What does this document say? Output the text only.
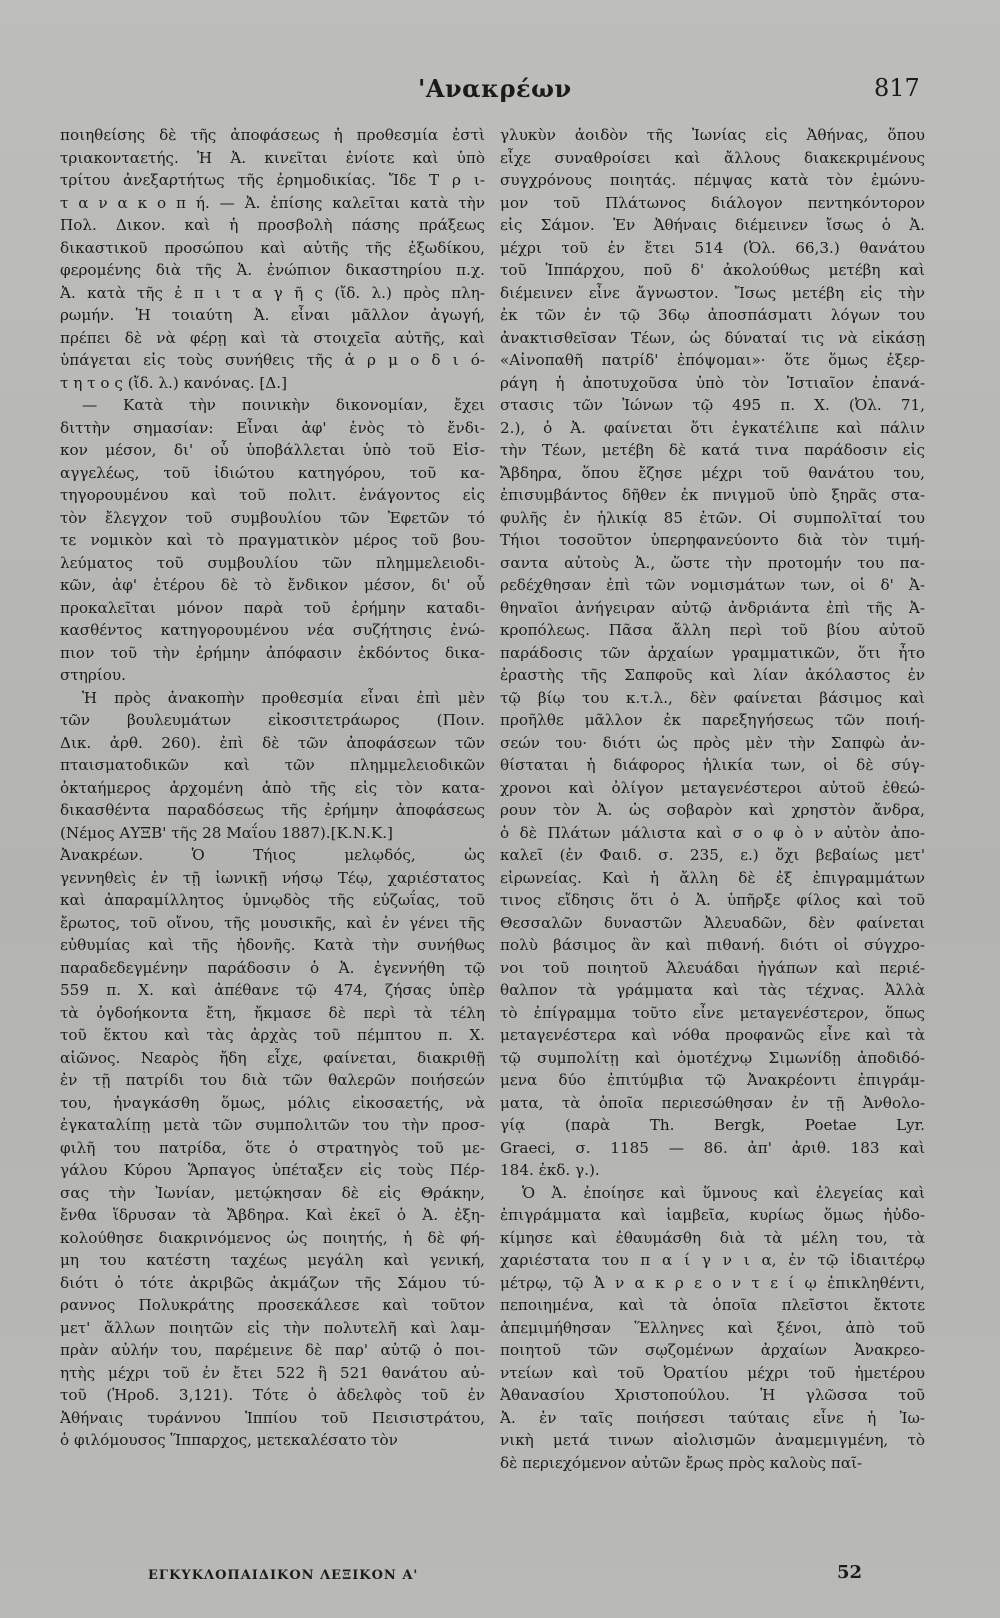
'Ανακρέων	817
ποιηθείσης δὲ τῆς ἀποφάσεως ἡ προθεσμία ἐστὶ
τριακονταετής. Ἡ Ἀ. κινεῖται ἐνίοτε καὶ ὑπὸ
τρίτου ἀνεξαρτήτως τῆς ἐρημοδικίας. Ἴδε Τ ρ ι-
τ α ν α κ ο π ή. — Ἀ. ἐπίσης καλεῖται κατὰ τὴν
Πολ. Δικον. καὶ ἡ προσβολὴ πάσης πράξεως
δικαστικοῦ προσώπου καὶ αὐτῆς τῆς ἐξωδίκου,
φερομένης διὰ τῆς Ἀ. ἐνώπιον δικαστηρίου π.χ.
Ἀ. κατὰ τῆς ἐ π ι τ α γ ῆ ς (ἴδ. λ.) πρὸς πλη-
ρωμήν. Ἡ τοιαύτη Ἀ. εἶναι μᾶλλον ἀγωγή,
πρέπει δὲ νὰ φέρῃ καὶ τὰ στοιχεῖα αὐτῆς, καὶ
ὑπάγεται εἰς τοὺς συνήθεις τῆς ἁ ρ μ ο δ ι ό-
τ η τ ο ς (ἴδ. λ.) κανόνας. [Δ.]
— Κατὰ τὴν ποινικὴν δικονομίαν, ἔχει
διττὴν σημασίαν: Εἶναι ἀφ' ἑνὸς τὸ ἔνδι-
κον μέσον, δι' οὗ ὑποβάλλεται ὑπὸ τοῦ Εἰσ-
αγγελέως, τοῦ ἰδιώτου κατηγόρου, τοῦ κα-
τηγορουμένου καὶ τοῦ πολιτ. ἐνάγοντος εἰς
τὸν ἔλεγχον τοῦ συμβουλίου τῶν Ἐφετῶν τό
τε νομικὸν καὶ τὸ πραγματικὸν μέρος τοῦ βου-
λεύματος τοῦ συμβουλίου τῶν πλημμελειοδι-
κῶν, ἀφ' ἑτέρου δὲ τὸ ἔνδικον μέσον, δι' οὗ
προκαλεῖται μόνον παρὰ τοῦ ἐρήμην καταδι-
κασθέντος κατηγορουμένου νέα συζήτησις ἐνώ-
πιον τοῦ τὴν ἐρήμην ἀπόφασιν ἐκδόντος δικα-
στηρίου.
Ἡ πρὸς ἀνακοπὴν προθεσμία εἶναι ἐπὶ μὲν
τῶν βουλευμάτων εἰκοσιτετράωρος (Ποιν.
Δικ. ἀρθ. 260). ἐπὶ δὲ τῶν ἀποφάσεων τῶν
πταισματοδικῶν καὶ τῶν πλημμελειοδικῶν
ὀκταήμερος ἀρχομένη ἀπὸ τῆς εἰς τὸν κατα-
δικασθέντα παραδόσεως τῆς ἐρήμην ἀποφάσεως
(Νέμος ΑΥΞΒ' τῆς 28 Μαΐου 1887).[Κ.Ν.Κ.]
Ἀνακρέων. Ὁ Τήιος μελῳδός, ὡς
γεννηθεὶς ἐν τῇ ἰωνικῇ νήσῳ Τέῳ, χαριέστατος
καὶ ἀπαραμίλλητος ὑμνῳδὸς τῆς εὐζωΐας, τοῦ
ἔρωτος, τοῦ οἴνου, τῆς μουσικῆς, καὶ ἐν γένει τῆς
εὐθυμίας καὶ τῆς ἡδονῆς. Κατὰ τὴν συνήθως
παραδεδεγμένην παράδοσιν ὁ Ἀ. ἐγεννήθη τῷ
559 π. Χ. καὶ ἀπέθανε τῷ 474, ζήσας ὑπὲρ
τὰ ὀγδοήκοντα ἔτη, ἤκμασε δὲ περὶ τὰ τέλη
τοῦ ἕκτου καὶ τὰς ἀρχὰς τοῦ πέμπτου π. Χ.
αἰῶνος. Νεαρὸς ἤδη εἶχε, φαίνεται, διακριθῇ
ἐν τῇ πατρίδι του διὰ τῶν θαλερῶν ποιήσεών
του, ἠναγκάσθη ὅμως, μόλις εἰκοσαετής, νὰ
ἐγκαταλίπῃ μετὰ τῶν συμπολιτῶν του τὴν προσ-
φιλῆ του πατρίδα, ὅτε ὁ στρατηγὸς τοῦ με-
γάλου Κύρου Ἅρπαγος ὑπέταξεν εἰς τοὺς Πέρ-
σας τὴν Ἰωνίαν, μετῴκησαν δὲ εἰς Θράκην,
ἔνθα ἵδρυσαν τὰ Ἄβδηρα. Καὶ ἐκεῖ ὁ Ἀ. ἐξη-
κολούθησε διακρινόμενος ὡς ποιητής, ἡ δὲ φή-
μη του κατέστη ταχέως μεγάλη καὶ γενική,
διότι ὁ τότε ἀκριβῶς ἀκμάζων τῆς Σάμου τύ-
ραννος Πολυκράτης προσεκάλεσε καὶ τοῦτον
μετ' ἄλλων ποιητῶν εἰς τὴν πολυτελῆ καὶ λαμ-
πρὰν αὐλήν του, παρέμεινε δὲ παρ' αὐτῷ ὁ ποι-
ητὴς μέχρι τοῦ ἐν ἔτει 522 ἢ 521 θανάτου αὐ-
τοῦ (Ἡροδ. 3,121). Τότε ὁ ἀδελφὸς τοῦ ἐν
Ἀθήναις τυράννου Ἱππίου τοῦ Πεισιστράτου,
ὁ φιλόμουσος Ἵππαρχος, μετεκαλέσατο τὸν
γλυκὺν ἀοιδὸν τῆς Ἰωνίας εἰς Ἀθήνας, ὅπου
εἶχε συναθροίσει καὶ ἄλλους διακεκριμένους
συγχρόνους ποιητάς. πέμψας κατὰ τὸν ἐμώνυ-
μον τοῦ Πλάτωνος διάλογον πεντηκόντορον
εἰς Σάμον. Ἐν Ἀθήναις διέμεινεν ἴσως ὁ Ἀ.
μέχρι τοῦ ἐν ἔτει 514 (Ὀλ. 66,3.) θανάτου
τοῦ Ἱππάρχου, ποῦ δ' ἀκολούθως μετέβη καὶ
διέμεινεν εἶνε ἄγνωστον. Ἴσως μετέβη εἰς τὴν
ἐκ τῶν ἐν τῷ 36ῳ ἀποσπάσματι λόγων του
ἀνακτισθεῖσαν Τέων, ὡς δύναταί τις νὰ εἰκάσῃ
«Αἰνοπαθῆ πατρίδ' ἐπόψομαι»· ὅτε ὅμως ἐξερ-
ράγη ἡ ἀποτυχοῦσα ὑπὸ τὸν Ἱστιαῖον ἐπανά-
στασις τῶν Ἰώνων τῷ 495 π. Χ. (Ὀλ. 71,
2.), ὁ Ἀ. φαίνεται ὅτι ἐγκατέλιπε καὶ πάλιν
τὴν Τέων, μετέβη δὲ κατά τινα παράδοσιν εἰς
Ἄβδηρα, ὅπου ἔζησε μέχρι τοῦ θανάτου του,
ἐπισυμβάντος δῆθεν ἐκ πνιγμοῦ ὑπὸ ξηρᾶς στα-
φυλῆς ἐν ἡλικίᾳ 85 ἐτῶν. Οἱ συμπολῖταί του
Τήιοι τοσοῦτον ὑπερηφανεύοντο διὰ τὸν τιμή-
σαντα αὐτοὺς Ἀ., ὥστε τὴν προτομήν του πα-
ρεδέχθησαν ἐπὶ τῶν νομισμάτων των, οἱ δ' Ἀ-
θηναῖοι ἀνήγειραν αὐτῷ ἀνδριάντα ἐπὶ τῆς Ἀ-
κροπόλεως. Πᾶσα ἄλλη περὶ τοῦ βίου αὐτοῦ
παράδοσις τῶν ἀρχαίων γραμματικῶν, ὅτι ἦτο
ἐραστὴς τῆς Σαπφοῦς καὶ λίαν ἀκόλαστος ἐν
τῷ βίῳ του κ.τ.λ., δὲν φαίνεται βάσιμος καὶ
προῆλθε μᾶλλον ἐκ παρεξηγήσεως τῶν ποιή-
σεών του· διότι ὡς πρὸς μὲν τὴν Σαπφὼ ἀν-
θίσταται ἡ διάφορος ἡλικία των, οἱ δὲ σύγ-
χρονοι καὶ ὀλίγον μεταγενέστεροι αὐτοῦ ἐθεώ-
ρουν τὸν Ἀ. ὡς σοβαρὸν καὶ χρηστὸν ἄνδρα,
ὁ δὲ Πλάτων μάλιστα καὶ σ ο φ ὸ ν αὐτὸν ἀπο-
καλεῖ (ἐν Φαιδ. σ. 235, ε.) ὄχι βεβαίως μετ'
εἰρωνείας. Καὶ ἡ ἄλλη δὲ ἐξ ἐπιγραμμάτων
τινος εἴδησις ὅτι ὁ Ἀ. ὑπῆρξε φίλος καὶ τοῦ
Θεσσαλῶν δυναστῶν Ἀλευαδῶν, δὲν φαίνεται
πολὺ βάσιμος ἂν καὶ πιθανή. διότι οἱ σύγχρο-
νοι τοῦ ποιητοῦ Ἀλευάδαι ἠγάπων καὶ περιέ-
θαλπον τὰ γράμματα καὶ τὰς τέχνας. Ἀλλὰ
τὸ ἐπίγραμμα τοῦτο εἶνε μεταγενέστερον, ὅπως
μεταγενέστερα καὶ νόθα προφανῶς εἶνε καὶ τὰ
τῷ συμπολίτῃ καὶ ὁμοτέχνῳ Σιμωνίδῃ ἀποδιδό-
μενα δύο ἐπιτύμβια τῷ Ἀνακρέοντι ἐπιγράμ-
ματα, τὰ ὁποῖα περιεσώθησαν ἐν τῇ Ἀνθολο-
γίᾳ (παρὰ Th. Bergk, Poetae Lyr.
Graeci, σ. 1185 — 86. ἀπ' ἀριθ. 183 καὶ
184. ἐκδ. γ.).
Ὁ Ἀ. ἐποίησε καὶ ὕμνους καὶ ἐλεγείας καὶ
ἐπιγράμματα καὶ ἰαμβεῖα, κυρίως ὅμως ἠὐδο-
κίμησε καὶ ἐθαυμάσθη διὰ τὰ μέλη του, τὰ
χαριέστατα του π α ί γ ν ι α, ἐν τῷ ἰδιαιτέρῳ
μέτρῳ, τῷ Ἀ ν α κ ρ ε ο ν τ ε ί ῳ ἐπικληθέντι,
πεποιημένα, καὶ τὰ ὁποῖα πλεῖστοι ἔκτοτε
ἀπεμιμήθησαν Ἕλληνες καὶ ξένοι, ἀπὸ τοῦ
ποιητοῦ τῶν σῳζομένων ἀρχαίων Ἀνακρεο-
ντείων καὶ τοῦ Ὀρατίου μέχρι τοῦ ἡμετέρου
Ἀθανασίου Χριστοπούλου. Ἡ γλῶσσα τοῦ
Ἀ. ἐν ταῖς ποιήσεσι ταύταις εἶνε ἡ Ἰω-
νικὴ μετά τινων αἰολισμῶν ἀναμεμιγμένη, τὸ
δὲ περιεχόμενον αὐτῶν ἔρως πρὸς καλοὺς παῖ-
ΕΓΚΥΚΛΟΠΑΙΔΙΚΟΝ ΛΕΞΙΚΟΝ Α'	52
